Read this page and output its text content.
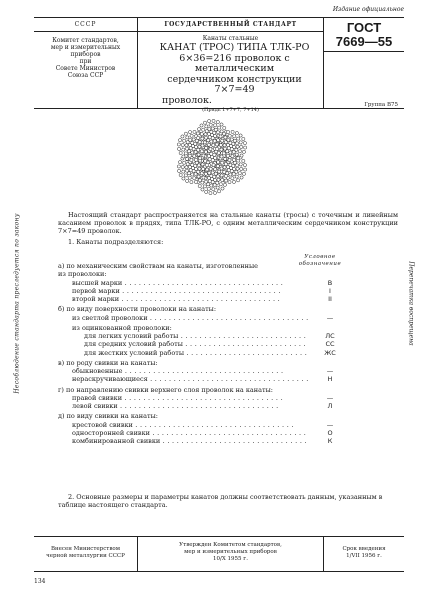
Издание официальное
СССР
Комитет стандартов,
мер и измерительных
приборов
при
Совете Министров
Союза ССР
ГОСУДАРСТВЕННЫЙ СТАНДАРТ
Канаты стальные
КАНАТ (ТРОС) ТИПА ТЛК-РО
6×36=216 проволок с металлическим
сердечником конструкции 7×7=49
проволок.
(Прядь 1+7+7, 7+14)
ГОСТ
7669—55
Группа В75
Настоящий стандарт распространяется на стальные канаты (тросы) с точечным и линейным касанием проволок в прядях, типа ТЛК-РО, с одним металлическим сердечником конструкции 7×7=49 проволок.
1. Канаты подразделяются:
Условное
обозначение
а) по механическим свойствам на канаты, изготовленные
из проволоки:
высшей марки . . .	В
первой марки . . .	I
второй марки . . .	II
б) по виду поверхности проволоки на канаты:
из светлой проволоки . . .	—
из оцинкованной проволоки:
для легких условий работы . . .	ЛС
для средних условий работы . . .	СС
для жестких условий работы . . .	ЖС
в) по роду свивки на канаты:
обыкновенные . . .	—
нераскручивающиеся . . .	Н
г) по направлению свивки верхнего слоя проволок на канаты:
правой свивки . . .	—
левой свивки . . .	Л
д) по виду свивки на канаты:
крестовой свивки . . .	—
односторонней свивки . . .	О
комбинированной свивки . . .	К
2. Основные размеры и параметры канатов должны соответствовать данным, указанным в таблице настоящего стандарта.
Внесен Министерством
черной металлургии СССР
Утвержден Комитетом стандартов,
мер и измерительных приборов
10/X 1955 г.
Срок введения
1/VII 1956 г.
134
Несоблюдение стандарта преследуется по закону	Перепечатка воспрещена
